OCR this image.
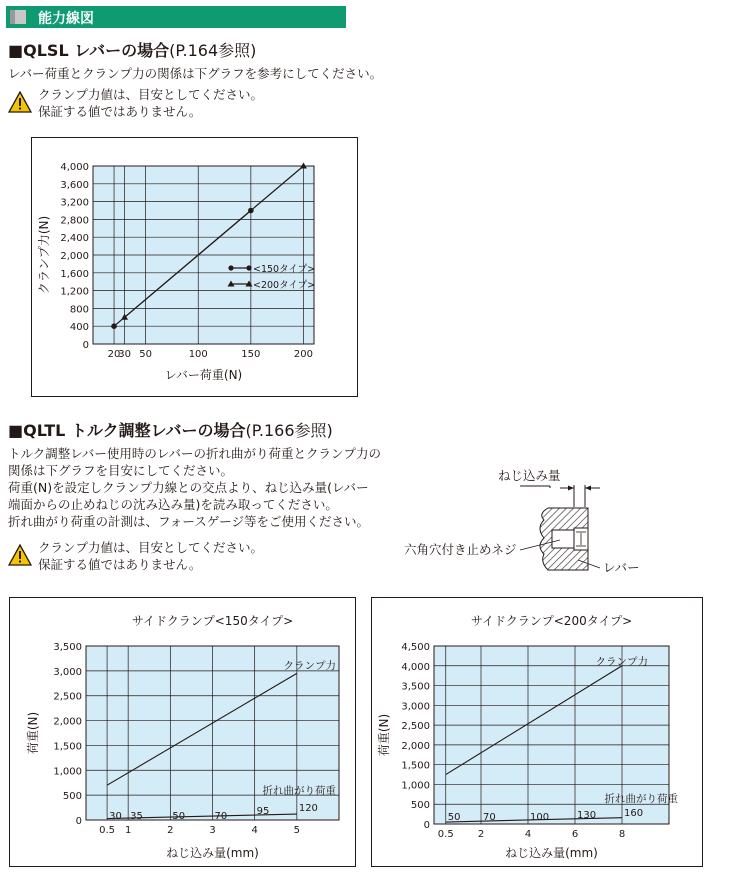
能力線図
■QLSL レバーの場合(P.164参照)
レバー荷重とクランプ力の関係は下グラフを参考にしてください。
クランプ力値は、目安としてください。
保証する値ではありません。
0
400
800
1,200
1,600
2,000
2,400
2,800
3,200
3,600
4,000
20
30 50	100	150	200
レバー荷重(N)
クランプ力(N)	<150タイプ>
<200タイプ>
■QLTL トルク調整レバーの場合(P.166参照)
トルク調整レバー使用時のレバーの折れ曲がり荷重とクランプ力の
関係は下グラフを目安にしてください。
荷重(N)を設定しクランプ力線との交点より、ねじ込み量(レバー
端面からの止めねじの沈み込み量)を読み取ってください。
折れ曲がり荷重の計測は、フォースゲージ等をご使用ください。
クランプ力値は、目安としてください。
保証する値ではありません。
ねじ込み量
六角穴付き止めネジ
レバー
0
500
1,000
1,500
2,000
2,500
3,000
3,500
0.5 1	2	3	4	5
サイドクランプ<150タイプ>
ねじ込み量(mm)
荷重(N)
クランプ力
折れ曲がり荷重
30 35	50	70	95	120
0
500
1,000
1,500
2,000
2,500
3,000
3,500
4,000
4,500
0.5 2	4	6	8
サイドクランプ<200タイプ>
ねじ込み量(mm)
荷重(N)
クランプ力
折れ曲がり荷重
50 70	100	130	160
